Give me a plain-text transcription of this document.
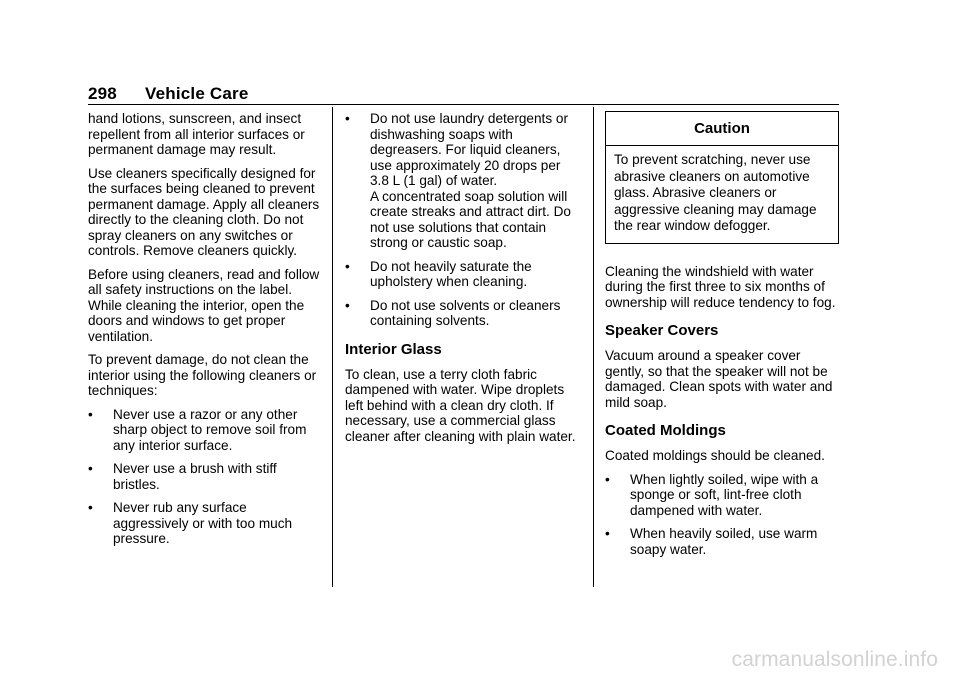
298 Vehicle Care

hand lotions, sunscreen, and insect repellent from all interior surfaces or permanent damage may result.

Use cleaners specifically designed for the surfaces being cleaned to prevent permanent damage. Apply all cleaners directly to the cleaning cloth. Do not spray cleaners on any switches or controls. Remove cleaners quickly.

Before using cleaners, read and follow all safety instructions on the label. While cleaning the interior, open the doors and windows to get proper ventilation.

To prevent damage, do not clean the interior using the following cleaners or techniques:

•	Never use a razor or any other sharp object to remove soil from any interior surface.
•	Never use a brush with stiff bristles.
•	Never rub any surface aggressively or with too much pressure.
•	Do not use laundry detergents or dishwashing soaps with degreasers. For liquid cleaners, use approximately 20 drops per 3.8 L (1 gal) of water.
A concentrated soap solution will create streaks and attract dirt. Do not use solutions that contain strong or caustic soap.
•	Do not heavily saturate the upholstery when cleaning.
•	Do not use solvents or cleaners containing solvents.
Interior Glass

To clean, use a terry cloth fabric dampened with water. Wipe droplets left behind with a clean dry cloth. If necessary, use a commercial glass cleaner after cleaning with plain water.

Caution
To prevent scratching, never use abrasive cleaners on automotive glass. Abrasive cleaners or aggressive cleaning may damage the rear window defogger.

Cleaning the windshield with water during the first three to six months of ownership will reduce tendency to fog.

Speaker Covers

Vacuum around a speaker cover gently, so that the speaker will not be damaged. Clean spots with water and mild soap.

Coated Moldings

Coated moldings should be cleaned.

•	When lightly soiled, wipe with a sponge or soft, lint-free cloth dampened with water.
•	When heavily soiled, use warm soapy water.
carmanualsonline.info
